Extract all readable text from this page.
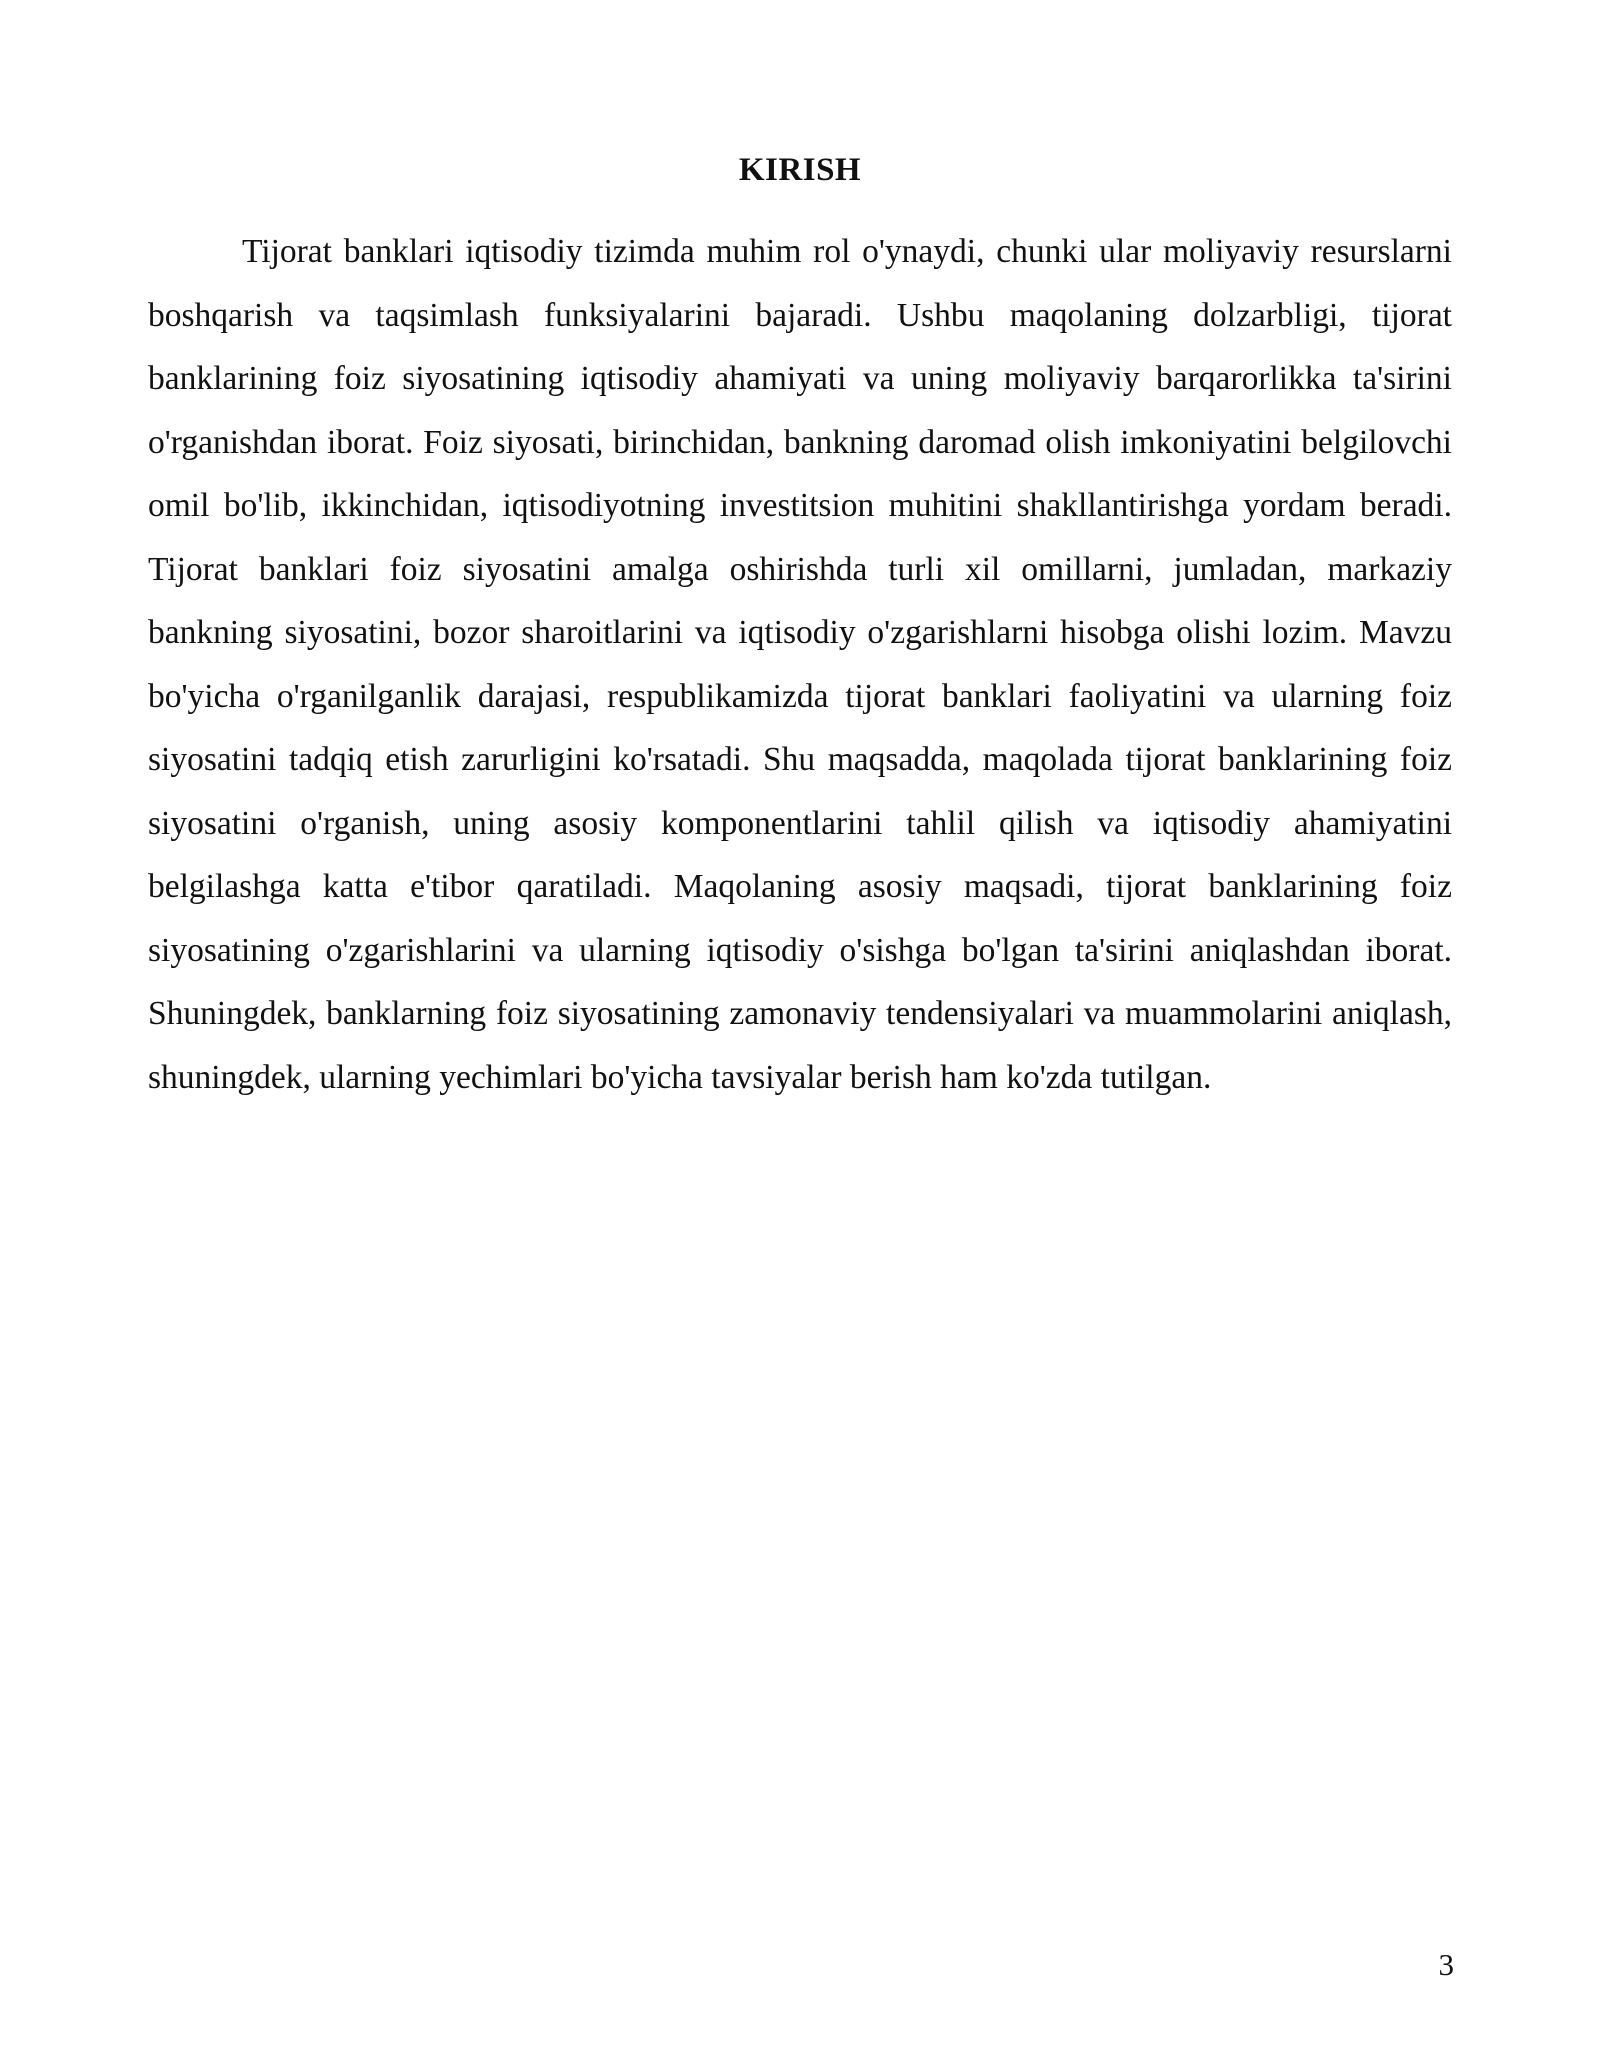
KIRISH

Tijorat banklari iqtisodiy tizimda muhim rol o'ynaydi, chunki ular moliyaviy resurslarni boshqarish va taqsimlash funksiyalarini bajaradi. Ushbu maqolaning dolzarbligi, tijorat banklarining foiz siyosatining iqtisodiy ahamiyati va uning moliyaviy barqarorlikka ta'sirini o'rganishdan iborat. Foiz siyosati, birinchidan, bankning daromad olish imkoniyatini belgilovchi omil bo'lib, ikkinchidan, iqtisodiyotning investitsion muhitini shakllantirishga yordam beradi. Tijorat banklari foiz siyosatini amalga oshirishda turli xil omillarni, jumladan, markaziy bankning siyosatini, bozor sharoitlarini va iqtisodiy o'zgarishlarni hisobga olishi lozim. Mavzu bo'yicha o'rganilganlik darajasi, respublikamizda tijorat banklari faoliyatini va ularning foiz siyosatini tadqiq etish zarurligini ko'rsatadi. Shu maqsadda, maqolada tijorat banklarining foiz siyosatini o'rganish, uning asosiy komponentlarini tahlil qilish va iqtisodiy ahamiyatini belgilashga katta e'tibor qaratiladi. Maqolaning asosiy maqsadi, tijorat banklarining foiz siyosatining o'zgarishlarini va ularning iqtisodiy o'sishga bo'lgan ta'sirini aniqlashdan iborat. Shuningdek, banklarning foiz siyosatining zamonaviy tendensiyalari va muammolarini aniqlash, shuningdek, ularning yechimlari bo'yicha tavsiyalar berish ham ko'zda tutilgan.

3
